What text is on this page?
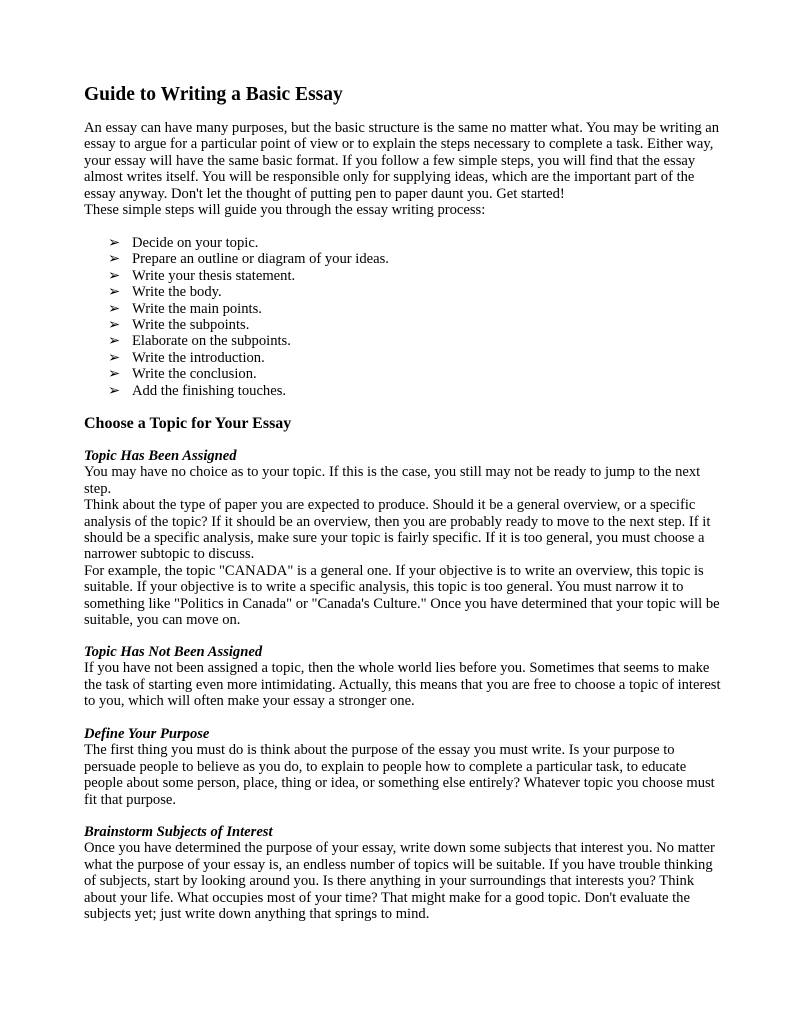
Guide to Writing a Basic Essay
An essay can have many purposes, but the basic structure is the same no matter what. You may be writing an
essay to argue for a particular point of view or to explain the steps necessary to complete a task. Either way,
your essay will have the same basic format. If you follow a few simple steps, you will find that the essay
almost writes itself. You will be responsible only for supplying ideas, which are the important part of the
essay anyway. Don't let the thought of putting pen to paper daunt you. Get started!
These simple steps will guide you through the essay writing process:
➢ Decide on your topic.
➢ Prepare an outline or diagram of your ideas.
➢ Write your thesis statement.
➢ Write the body.
➢ Write the main points.
➢ Write the subpoints.
➢ Elaborate on the subpoints.
➢ Write the introduction.
➢ Write the conclusion.
➢ Add the finishing touches.
Choose a Topic for Your Essay
Topic Has Been Assigned
You may have no choice as to your topic. If this is the case, you still may not be ready to jump to the next
step.
Think about the type of paper you are expected to produce. Should it be a general overview, or a specific
analysis of the topic? If it should be an overview, then you are probably ready to move to the next step. If it
should be a specific analysis, make sure your topic is fairly specific. If it is too general, you must choose a
narrower subtopic to discuss.
For example, the topic "CANADA" is a general one. If your objective is to write an overview, this topic is
suitable. If your objective is to write a specific analysis, this topic is too general. You must narrow it to
something like "Politics in Canada" or "Canada's Culture." Once you have determined that your topic will be
suitable, you can move on.
Topic Has Not Been Assigned
If you have not been assigned a topic, then the whole world lies before you. Sometimes that seems to make
the task of starting even more intimidating. Actually, this means that you are free to choose a topic of interest
to you, which will often make your essay a stronger one.
Define Your Purpose
The first thing you must do is think about the purpose of the essay you must write. Is your purpose to
persuade people to believe as you do, to explain to people how to complete a particular task, to educate
people about some person, place, thing or idea, or something else entirely? Whatever topic you choose must
fit that purpose.
Brainstorm Subjects of Interest
Once you have determined the purpose of your essay, write down some subjects that interest you. No matter
what the purpose of your essay is, an endless number of topics will be suitable. If you have trouble thinking
of subjects, start by looking around you. Is there anything in your surroundings that interests you? Think
about your life. What occupies most of your time? That might make for a good topic. Don't evaluate the
subjects yet; just write down anything that springs to mind.
